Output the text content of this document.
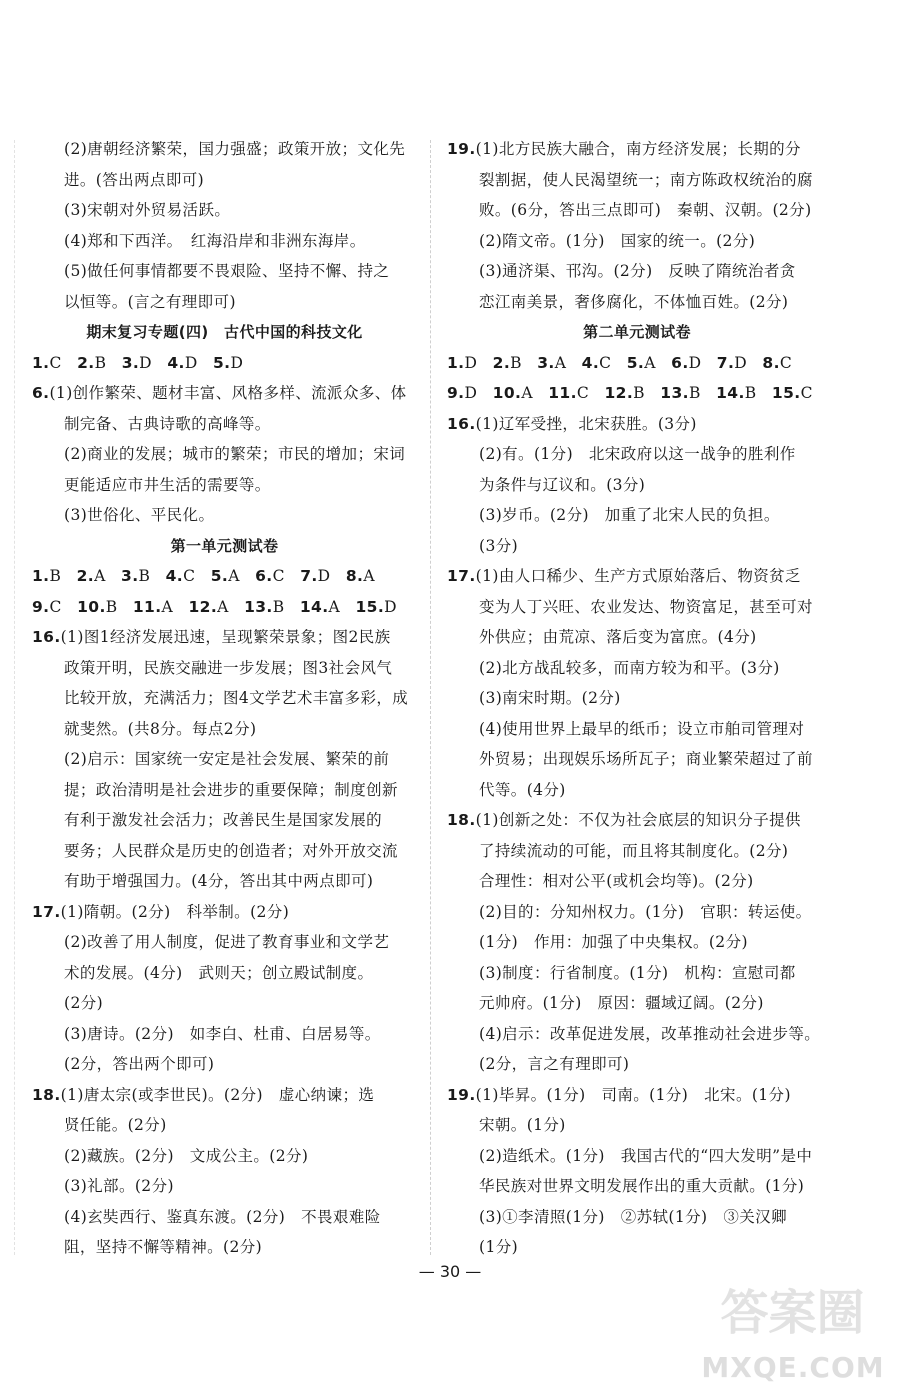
(2)唐朝经济繁荣，国力强盛；政策开放；文化先
进。(答出两点即可)
(3)宋朝对外贸易活跃。
(4)郑和下西洋。　红海沿岸和非洲东海岸。
(5)做任何事情都要不畏艰险、坚持不懈、持之
以恒等。(言之有理即可)
期末复习专题(四)　古代中国的科技文化
1.C 2.B 3.D 4.D 5.D
6.(1)创作繁荣、题材丰富、风格多样、流派众多、体
制完备、古典诗歌的高峰等。
(2)商业的发展；城市的繁荣；市民的增加；宋词
更能适应市井生活的需要等。
(3)世俗化、平民化。
第一单元测试卷
1.B 2.A 3.B 4.C 5.A 6.C 7.D 8.A
9.C 10.B 11.A 12.A 13.B 14.A 15.D
16.(1)图1经济发展迅速，呈现繁荣景象；图2民族
政策开明，民族交融进一步发展；图3社会风气
比较开放，充满活力；图4文学艺术丰富多彩，成
就斐然。(共8分。每点2分)
(2)启示：国家统一安定是社会发展、繁荣的前
提；政治清明是社会进步的重要保障；制度创新
有利于激发社会活力；改善民生是国家发展的
要务；人民群众是历史的创造者；对外开放交流
有助于增强国力。(4分，答出其中两点即可)
17.(1)隋朝。(2分)　科举制。(2分)
(2)改善了用人制度，促进了教育事业和文学艺
术的发展。(4分)　武则天；创立殿试制度。
(2分)
(3)唐诗。(2分)　如李白、杜甫、白居易等。
(2分，答出两个即可)
18.(1)唐太宗(或李世民)。(2分)　虚心纳谏；选
贤任能。(2分)
(2)藏族。(2分)　文成公主。(2分)
(3)礼部。(2分)
(4)玄奘西行、鉴真东渡。(2分)　不畏艰难险
阻，坚持不懈等精神。(2分)
19.(1)北方民族大融合，南方经济发展；长期的分
裂割据，使人民渴望统一；南方陈政权统治的腐
败。(6分，答出三点即可)　秦朝、汉朝。(2分)
(2)隋文帝。(1分)　国家的统一。(2分)
(3)通济渠、邗沟。(2分)　反映了隋统治者贪
恋江南美景，奢侈腐化，不体恤百姓。(2分)
第二单元测试卷
1.D 2.B 3.A 4.C 5.A 6.D 7.D 8.C
9.D 10.A 11.C 12.B 13.B 14.B 15.C
16.(1)辽军受挫，北宋获胜。(3分)
(2)有。(1分)　北宋政府以这一战争的胜利作
为条件与辽议和。(3分)
(3)岁币。(2分)　加重了北宋人民的负担。
(3分)
17.(1)由人口稀少、生产方式原始落后、物资贫乏
变为人丁兴旺、农业发达、物资富足，甚至可对
外供应；由荒凉、落后变为富庶。(4分)
(2)北方战乱较多，而南方较为和平。(3分)
(3)南宋时期。(2分)
(4)使用世界上最早的纸币；设立市舶司管理对
外贸易；出现娱乐场所瓦子；商业繁荣超过了前
代等。(4分)
18.(1)创新之处：不仅为社会底层的知识分子提供
了持续流动的可能，而且将其制度化。(2分)
合理性：相对公平(或机会均等)。(2分)
(2)目的：分知州权力。(1分)　官职：转运使。
(1分)　作用：加强了中央集权。(2分)
(3)制度：行省制度。(1分)　机构：宣慰司都
元帅府。(1分)　原因：疆域辽阔。(2分)
(4)启示：改革促进发展，改革推动社会进步等。
(2分，言之有理即可)
19.(1)毕昇。(1分)　司南。(1分)　北宋。(1分)
宋朝。(1分)
(2)造纸术。(1分)　我国古代的“四大发明”是中
华民族对世界文明发展作出的重大贡献。(1分)
(3)①李清照(1分)　②苏轼(1分)　③关汉卿
(1分)
— 30 —
答案圈
MXQE.COM
